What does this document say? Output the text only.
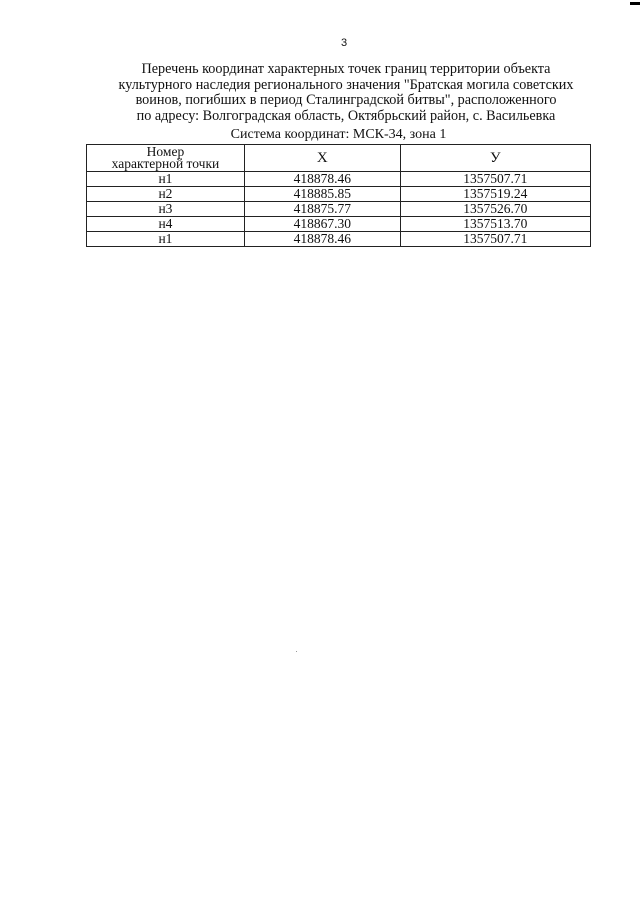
3
Перечень координат характерных точек границ территории объекта
культурного наследия регионального значения "Братская могила советских
воинов, погибших в период Сталинградской битвы", расположенного
по адресу: Волгоградская область, Октябрьский район, с. Васильевка
Система координат: МСК-34, зона 1
Номер
характерной точки	X	У
н1	418878.46	1357507.71
н2	418885.85	1357519.24
н3	418875.77	1357526.70
н4	418867.30	1357513.70
н1	418878.46	1357507.71
